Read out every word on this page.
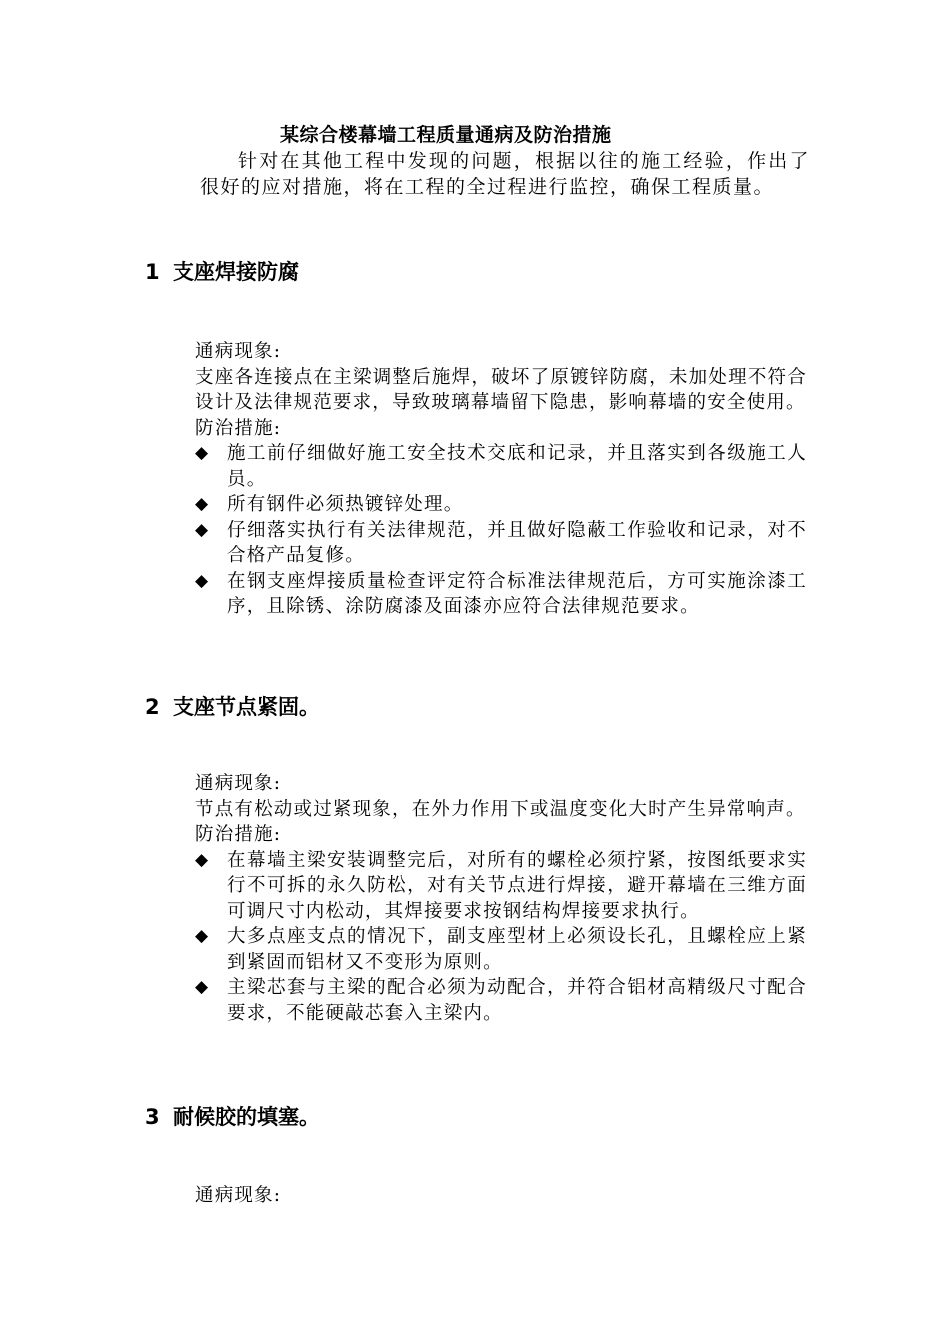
某综合楼幕墙工程质量通病及防治措施

针对在其他工程中发现的问题，根据以往的施工经验，作出了很好的应对措施，将在工程的全过程进行监控，确保工程质量。

1 支座焊接防腐

通病现象:

支座各连接点在主梁调整后施焊，破坏了原镀锌防腐，未加处理不符合设计及法律规范要求，导致玻璃幕墙留下隐患，影响幕墙的安全使用。

防治措施:

◆ 施工前仔细做好施工安全技术交底和记录，并且落实到各级施工人员。
◆ 所有钢件必须热镀锌处理。
◆ 仔细落实执行有关法律规范，并且做好隐蔽工作验收和记录，对不合格产品复修。
◆ 在钢支座焊接质量检查评定符合标准法律规范后，方可实施涂漆工序，且除锈、涂防腐漆及面漆亦应符合法律规范要求。
2 支座节点紧固。

通病现象:

节点有松动或过紧现象，在外力作用下或温度变化大时产生异常响声。

防治措施:

◆ 在幕墙主梁安装调整完后，对所有的螺栓必须拧紧，按图纸要求实行不可拆的永久防松，对有关节点进行焊接，避开幕墙在三维方面可调尺寸内松动，其焊接要求按钢结构焊接要求执行。
◆ 大多点座支点的情况下，副支座型材上必须设长孔，且螺栓应上紧到紧固而铝材又不变形为原则。
◆ 主梁芯套与主梁的配合必须为动配合，并符合铝材高精级尺寸配合要求，不能硬敲芯套入主梁内。
3 耐候胶的填塞。

通病现象:
